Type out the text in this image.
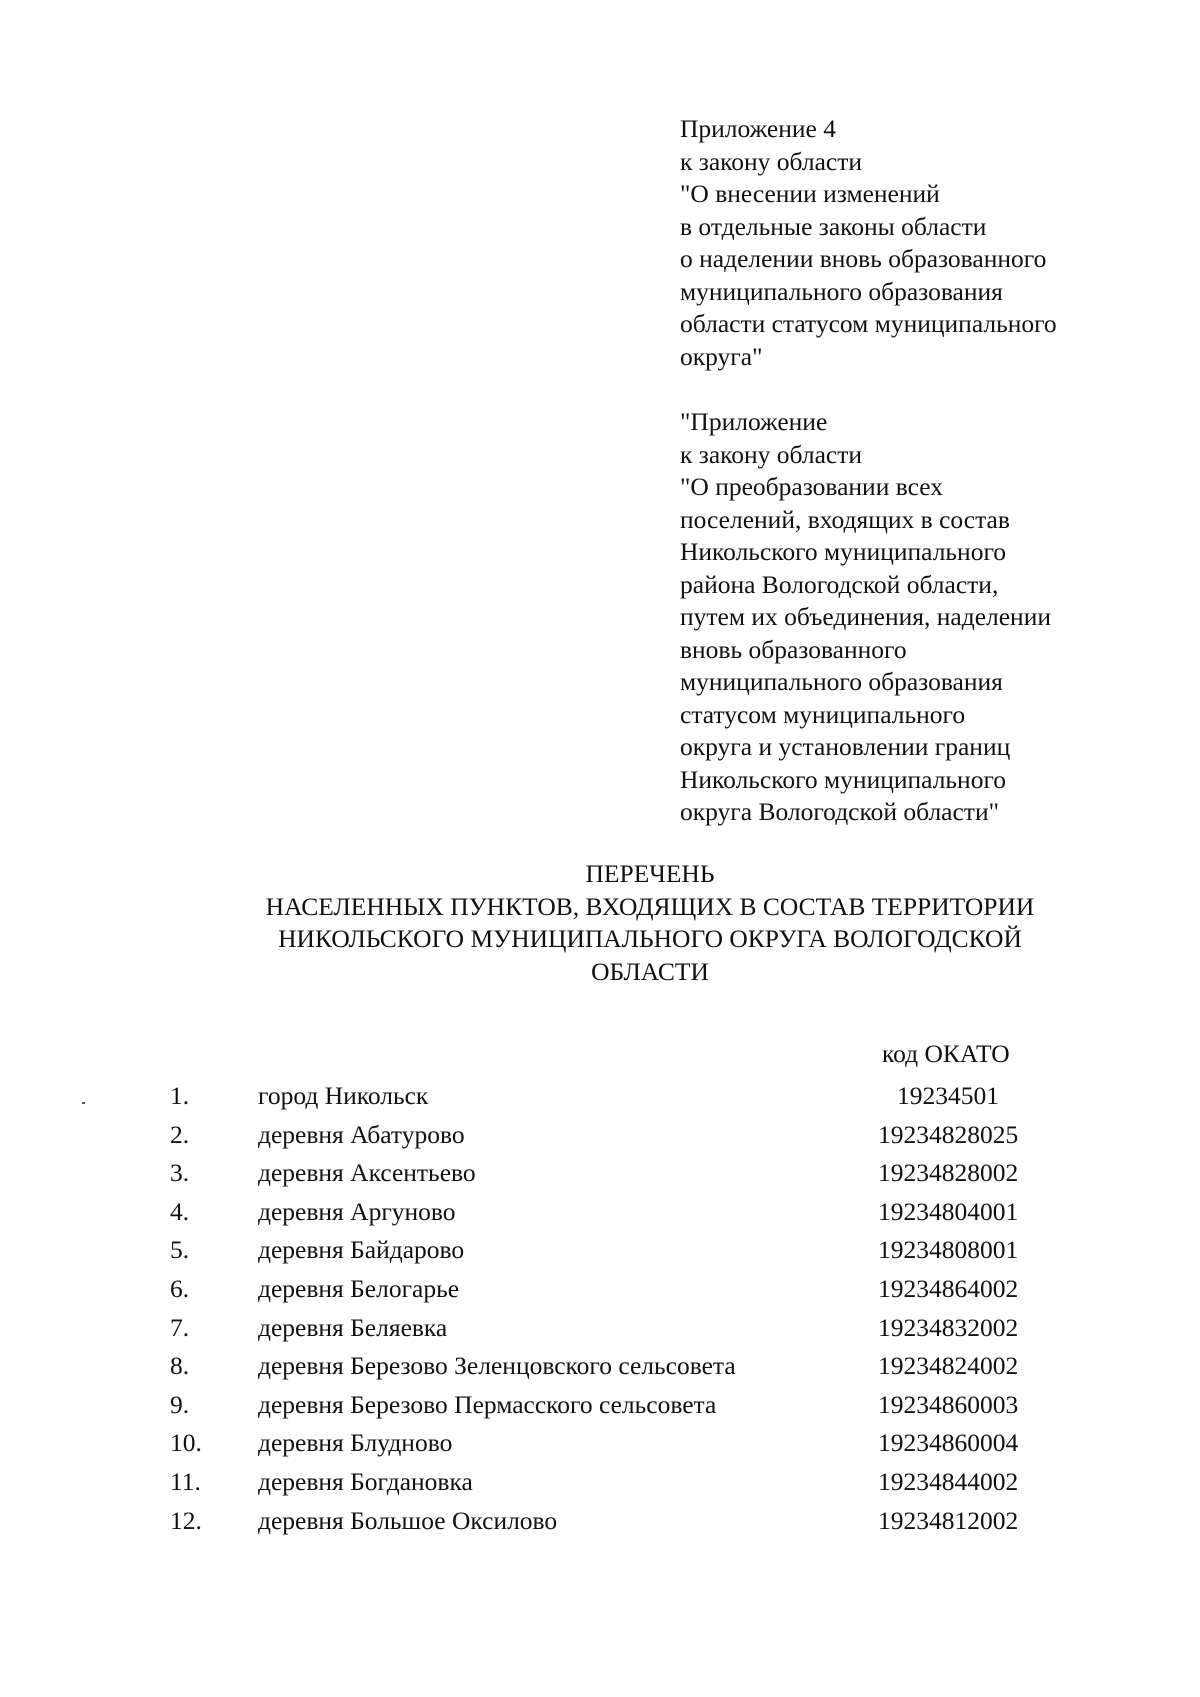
Приложение 4
к закону области
"О внесении изменений
в отдельные законы области
о наделении вновь образованного
муниципального образования
области статусом муниципального
округа"
"Приложение
к закону области
"О преобразовании всех
поселений, входящих в состав
Никольского муниципального
района Вологодской области,
путем их объединения, наделении
вновь образованного
муниципального образования
статусом муниципального
округа и установлении границ
Никольского муниципального
округа Вологодской области"
ПЕРЕЧЕНЬ
НАСЕЛЕННЫХ ПУНКТОВ, ВХОДЯЩИХ В СОСТАВ ТЕРРИТОРИИ
НИКОЛЬСКОГО МУНИЦИПАЛЬНОГО ОКРУГА ВОЛОГОДСКОЙ
ОБЛАСТИ
код ОКАТО
1.	город Никольск	19234501
2.	деревня Абатурово	19234828025
3.	деревня Аксентьево	19234828002
4.	деревня Аргуново	19234804001
5.	деревня Байдарово	19234808001
6.	деревня Белогарье	19234864002
7.	деревня Беляевка	19234832002
8.	деревня Березово Зеленцовского сельсовета	19234824002
9.	деревня Березово Пермасского сельсовета	19234860003
10. деревня Блудново	19234860004
11. деревня Богдановка	19234844002
12. деревня Большое Оксилово	19234812002
